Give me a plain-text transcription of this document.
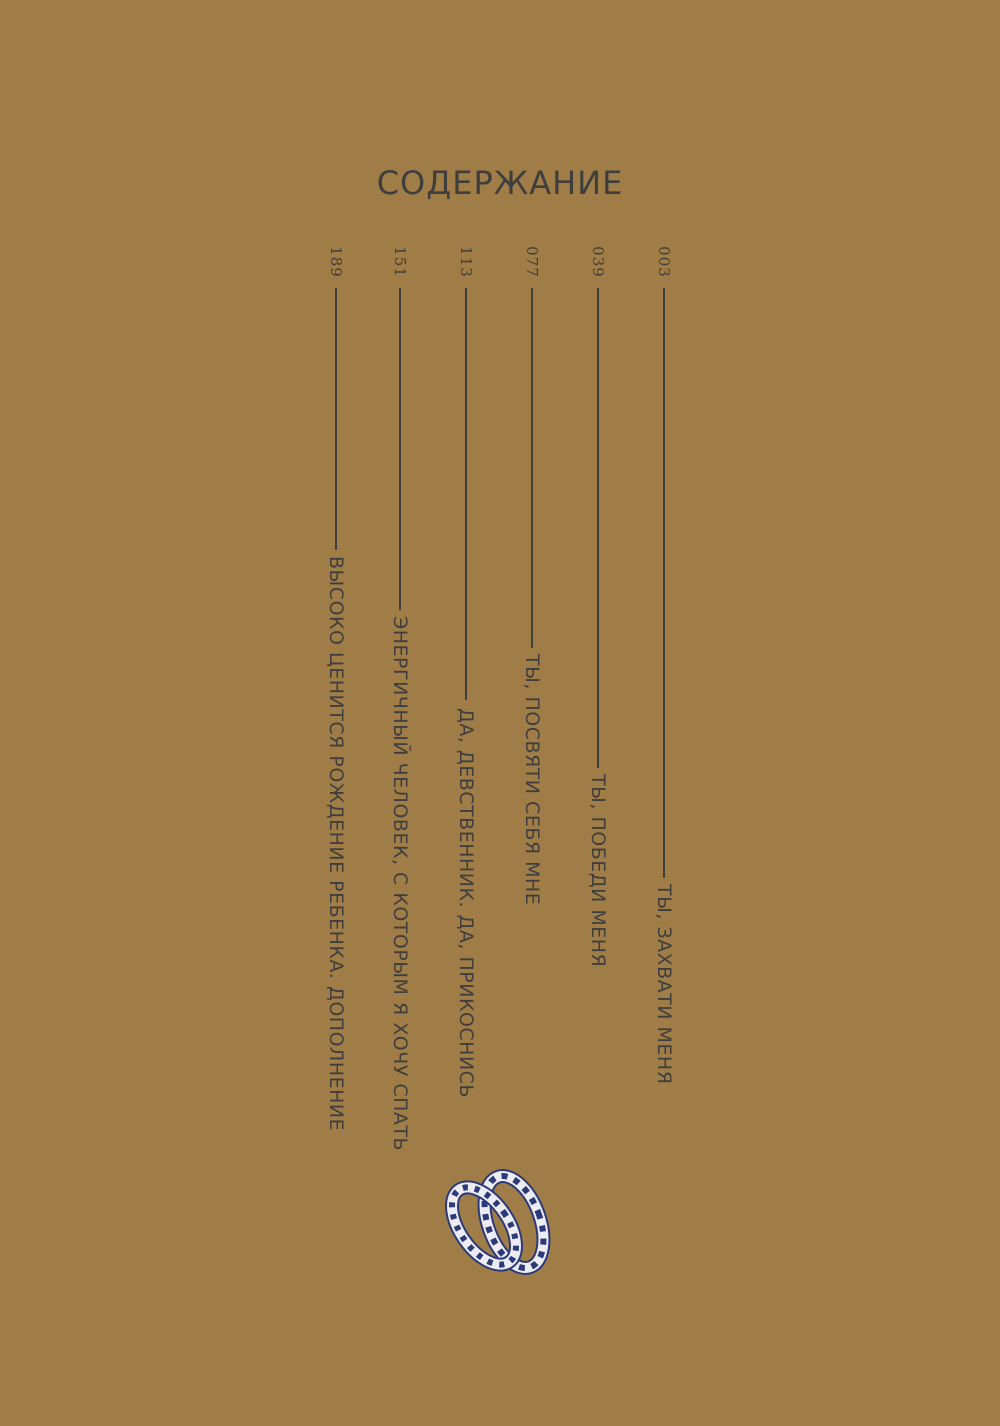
СОДЕРЖАНИЕ
003
ТЫ, ЗАХВАТИ МЕНЯ
039
ТЫ, ПОБЕДИ МЕНЯ
077
ТЫ, ПОСВЯТИ СЕБЯ МНЕ
113
ДА, ДЕВСТВЕННИК. ДА, ПРИКОСНИСЬ
151
ЭНЕРГИЧНЫЙ ЧЕЛОВЕК, С КОТОРЫМ Я ХОЧУ СПАТЬ
189
ВЫСОКО ЦЕНИТСЯ РОЖДЕНИЕ РЕБЕНКА. ДОПОЛНЕНИЕ
